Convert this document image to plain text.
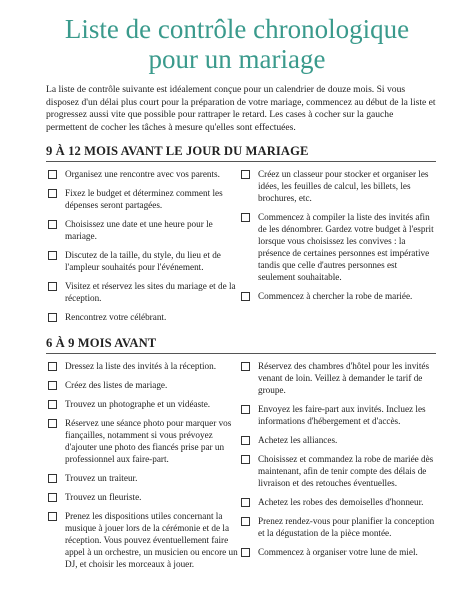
Liste de contrôle chronologique pour un mariage

La liste de contrôle suivante est idéalement conçue pour un calendrier de douze mois. Si vous disposez d'un délai plus court pour la préparation de votre mariage, commencez au début de la liste et progressez aussi vite que possible pour rattraper le retard. Les cases à cocher sur la gauche permettent de cocher les tâches à mesure qu'elles sont effectuées.

9 À 12 MOIS AVANT LE JOUR DU MARIAGE
Organisez une rencontre avec vos parents.
Fixez le budget et déterminez comment les dépenses seront partagées.
Choisissez une date et une heure pour le mariage.
Discutez de la taille, du style, du lieu et de l'ampleur souhaités pour l'événement.
Visitez et réservez les sites du mariage et de la réception.
Rencontrez votre célébrant.
Créez un classeur pour stocker et organiser les idées, les feuilles de calcul, les billets, les brochures, etc.
Commencez à compiler la liste des invités afin de les dénombrer. Gardez votre budget à l'esprit lorsque vous choisissez les convives : la présence de certaines personnes est impérative tandis que celle d'autres personnes est seulement souhaitable.
Commencez à chercher la robe de mariée.
6 À 9 MOIS AVANT
Dressez la liste des invités à la réception.
Créez des listes de mariage.
Trouvez un photographe et un vidéaste.
Réservez une séance photo pour marquer vos fiançailles, notamment si vous prévoyez d'ajouter une photo des fiancés prise par un professionnel aux faire-part.
Trouvez un traiteur.
Trouvez un fleuriste.
Prenez les dispositions utiles concernant la musique à jouer lors de la cérémonie et de la réception. Vous pouvez éventuellement faire appel à un orchestre, un musicien ou encore un DJ, et choisir les morceaux à jouer.
Réservez des chambres d'hôtel pour les invités venant de loin. Veillez à demander le tarif de groupe.
Envoyez les faire-part aux invités. Incluez les informations d'hébergement et d'accès.
Achetez les alliances.
Choisissez et commandez la robe de mariée dès maintenant, afin de tenir compte des délais de livraison et des retouches éventuelles.
Achetez les robes des demoiselles d'honneur.
Prenez rendez-vous pour planifier la conception et la dégustation de la pièce montée.
Commencez à organiser votre lune de miel.
